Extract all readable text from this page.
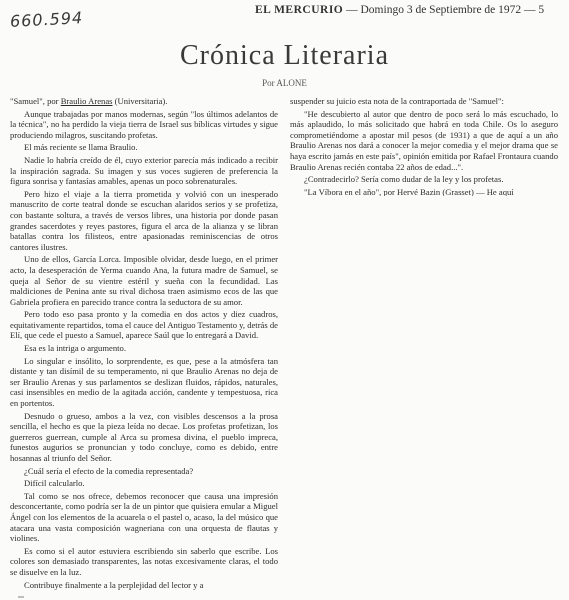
660.594	EL MERCURIO — Domingo 3 de Septiembre de 1972 — 5
Crónica Literaria
Por ALONE
"Samuel", por Braulio Arenas (Universitaria).

Aunque trabajadas por manos modernas, según "los últimos adelantos de la técnica", no ha perdido la vieja tierra de Israel sus bíblicas virtudes y sigue produciendo milagros, suscitando profetas.

El más reciente se llama Braulio.

Nadie lo habría creído de él, cuyo exterior parecía más indicado a recibir la inspiración sagrada. Su imagen y sus voces sugieren de preferencia la figura sonrisa y fantasías amables, apenas un poco sobrenaturales.

Pero hizo el viaje a la tierra prometida y volvió con un inesperado manuscrito de corte teatral donde se escuchan alaridos serios y se profetiza, con bastante soltura, a través de versos libres, una historia por donde pasan grandes sacerdotes y reyes pastores, figura el arca de la alianza y se libran batallas contra los filisteos, entre apasionadas reminiscencias de otros cantores ilustres.

Uno de ellos, García Lorca. Imposible olvidar, desde luego, en el primer acto, la desesperación de Yerma cuando Ana, la futura madre de Samuel, se queja al Señor de su vientre estéril y sueña con la fecundidad. Las maldiciones de Penina ante su rival dichosa traen asimismo ecos de las que Gabriela profiera en parecido trance contra la seductora de su amor.

Pero todo eso pasa pronto y la comedia en dos actos y diez cuadros, equitativamente repartidos, toma el cauce del Antiguo Testamento y, detrás de Elí, que cede el puesto a Samuel, aparece Saúl que lo entregará a David.

Esa es la intriga o argumento.

Lo singular e insólito, lo sorprendente, es que, pese a la atmósfera tan distante y tan disímil de su temperamento, ni que Braulio Arenas no deja de ser Braulio Arenas y sus parlamentos se deslizan fluidos, rápidos, naturales, casi insensibles en medio de la agitada acción, candente y tempestuosa, rica en portentos.

Desnudo o grueso, ambos a la vez, con visibles descensos a la prosa sencilla, el hecho es que la pieza leída no decae. Los profetas profetizan, los guerreros guerrean, cumple al Arca su promesa divina, el pueblo impreca, funestos augurios se pronuncian y todo concluye, como es debido, entre hosannas al triunfo del Señor.

¿Cuál sería el efecto de la comedia representada?

Difícil calcularlo.

Tal como se nos ofrece, debemos reconocer que causa una impresión desconcertante, como podría ser la de un pintor que quisiera emular a Miguel Ángel con los elementos de la acuarela o el pastel o, acaso, la del músico que atacara una vasta composición wagneriana con una orquesta de flautas y violines.

Es como si el autor estuviera escribiendo sin saberlo que escribe. Los colores son demasiado transparentes, las notas excesivamente claras, el todo se disuelve en la luz.

Contribuye finalmente a la perplejidad del lector y a

suspender su juicio esta nota de la contraportada de "Samuel":

"He descubierto al autor que dentro de poco será lo más escuchado, lo más aplaudido, lo más solicitado que habrá en toda Chile. Os lo aseguro comprometiéndome a apostar mil pesos (de 1931) a que de aquí a un año Braulio Arenas nos dará a conocer la mejor comedia y el mejor drama que se haya escrito jamás en este país", opinión emitida por Rafael Frontaura cuando Braulio Arenas recién contaba 22 años de edad...".

¿Contradecirlo? Sería como dudar de la ley y los profetas.

"La Víbora en el año", por Hervé Bazin (Grasset) — He aquí
